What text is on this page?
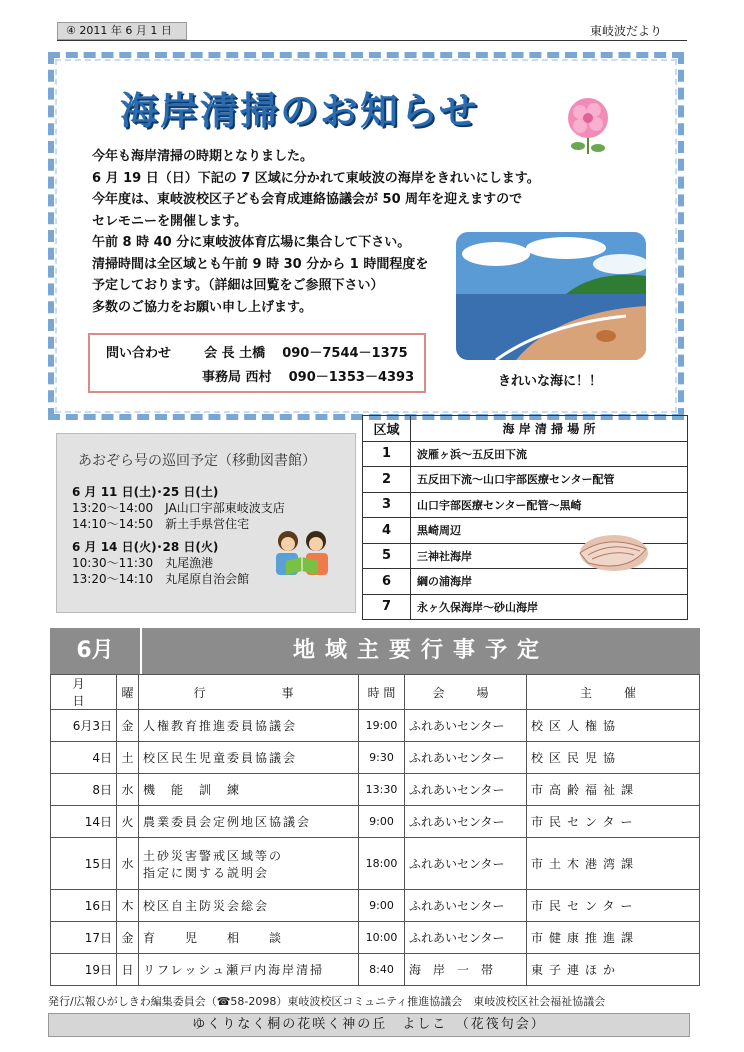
④ 2011 年 6 月 1 日	東岐波だより
海岸清掃のお知らせ
今年も海岸清掃の時期となりました。
6 月 19 日（日）下記の 7 区域に分かれて東岐波の海岸をきれいにします。
今年度は、東岐波校区子ども会育成連絡協議会が 50 周年を迎えますので
セレモニーを開催します。
午前 8 時 40 分に東岐波体育広場に集合して下さい。
清掃時間は全区域とも午前 9 時 30 分から 1 時間程度を
予定しております。（詳細は回覧をご参照下さい）
多数のご協力をお願い申し上げます。
問い合わせ	会 長 土橋 090－7544－1375
事務局 西村 090－1353－4393	きれいな海に！！
あおぞら号の巡回予定（移動図書館）
6 月 11 日(土)･25 日(土)
13:20～14:00　JA山口宇部東岐波支店
14:10～14:50　新土手県営住宅
6 月 14 日(火)･28 日(火)
10:30～11:30　丸尾漁港
13:20～14:10　丸尾原自治会館
区域	海 岸 清 掃 場 所
1	波雁ヶ浜～五反田下流
2	五反田下流～山口宇部医療センター配管
3	山口宇部医療センター配管～黒崎
4	黒崎周辺
5	三神社海岸
6	綱の浦海岸
7	永ヶ久保海岸～砂山海岸
6月	地域主要行事予定
月　日	曜	行　　　事	時 間	会　場	主　催
6月3日	金	人権教育推進委員協議会	19:00	ふれあいセンター	校区人権協
4日	土	校区民生児童委員協議会	9:30	ふれあいセンター	校区民児協
8日	水	機　能　訓　練	13:30	ふれあいセンター	市高齢福祉課
14日	火	農業委員会定例地区協議会	9:00	ふれあいセンター	市民センター
15日	水	土砂災害警戒区域等の
指定に関する説明会	18:00	ふれあいセンター	市土木港湾課
16日	木	校区自主防災会総会	9:00	ふれあいセンター	市民センター
17日	金	育　　児　　相　　談	10:00	ふれあいセンター	市健康推進課
19日	日	リフレッシュ瀬戸内海岸清掃	8:40	海　岸　一　帯	東子連ほか
発行/広報ひがしきわ編集委員会（☎58-2098）東岐波校区コミュニティ推進協議会　東岐波校区社会福祉協議会
ゆくりなく桐の花咲く神の丘　よしこ　（花筏句会）
